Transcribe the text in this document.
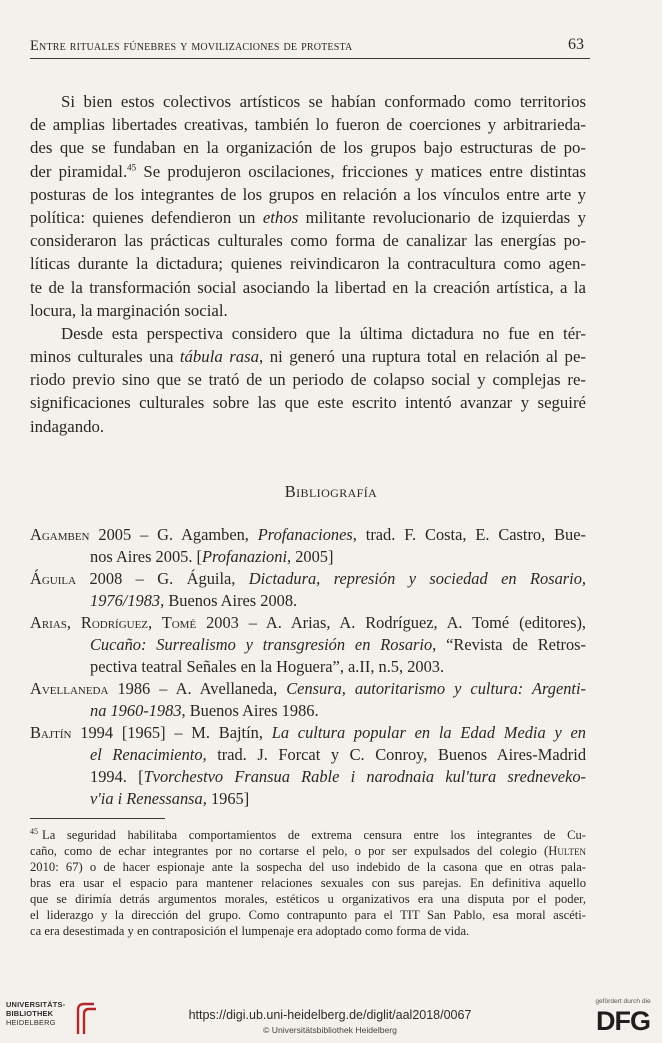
Entre rituales fúnebres y movilizaciones de protesta	63

Si bien estos colectivos artísticos se habían conformado como territorios
de amplias libertades creativas, también lo fueron de coerciones y arbitrarieda-
des que se fundaban en la organización de los grupos bajo estructuras de po-
der piramidal.$^{45}$ Se produjeron oscilaciones, fricciones y matices entre distintas
posturas de los integrantes de los grupos en relación a los vínculos entre arte y
política: quienes defendieron un ethos militante revolucionario de izquierdas y
consideraron las prácticas culturales como forma de canalizar las energías po-
líticas durante la dictadura; quienes reivindicaron la contracultura como agen-
te de la transformación social asociando la libertad en la creación artística, a la
locura, la marginación social.

Desde esta perspectiva considero que la última dictadura no fue en tér-
minos culturales una tábula rasa, ni generó una ruptura total en relación al pe-
riodo previo sino que se trató de un periodo de colapso social y complejas re-
significaciones culturales sobre las que este escrito intentó avanzar y seguiré
indagando.

Bibliografía
Agamben 2005 – G. Agamben, Profanaciones, trad. F. Costa, E. Castro, Bue-
nos Aires 2005. [Profanazioni, 2005]
Águila 2008 – G. Águila, Dictadura, represión y sociedad en Rosario,
1976/1983, Buenos Aires 2008.
Arias, Rodríguez, Tomé 2003 – A. Arias, A. Rodríguez, A. Tomé (editores),
Cucaño: Surrealismo y transgresión en Rosario, “Revista de Retros-
pectiva teatral Señales en la Hoguera”, a.II, n.5, 2003.
Avellaneda 1986 – A. Avellaneda, Censura, autoritarismo y cultura: Argenti-
na 1960-1983, Buenos Aires 1986.
Bajtín 1994 [1965] – M. Bajtín, La cultura popular en la Edad Media y en
el Renacimiento, trad. J. Forcat y C. Conroy, Buenos Aires-Madrid
1994. [Tvorchestvo Fransua Rable i narodnaia kul'tura sredneveko-
v'ia i Renessansa, 1965]
$^{45}$ La seguridad habilitaba comportamientos de extrema censura entre los integrantes de Cu-
caño, como de echar integrantes por no cortarse el pelo, o por ser expulsados del colegio (Hulten
2010: 67) o de hacer espionaje ante la sospecha del uso indebido de la casona que en otras pala-
bras era usar el espacio para mantener relaciones sexuales con sus parejas. En definitiva aquello
que se dirimía detrás argumentos morales, estéticos u organizativos era una disputa por el poder,
el liderazgo y la dirección del grupo. Como contrapunto para el TIT San Pablo, esa moral ascéti-
ca era desestimada y en contraposición el lumpenaje era adoptado como forma de vida.
UNIVERSITÄTS-
BIBLIOTHEK
HEIDELBERG
https://digi.ub.uni-heidelberg.de/diglit/aal2018/0067
© Universitätsbibliothek Heidelberg
gefördert durch die
DFG
